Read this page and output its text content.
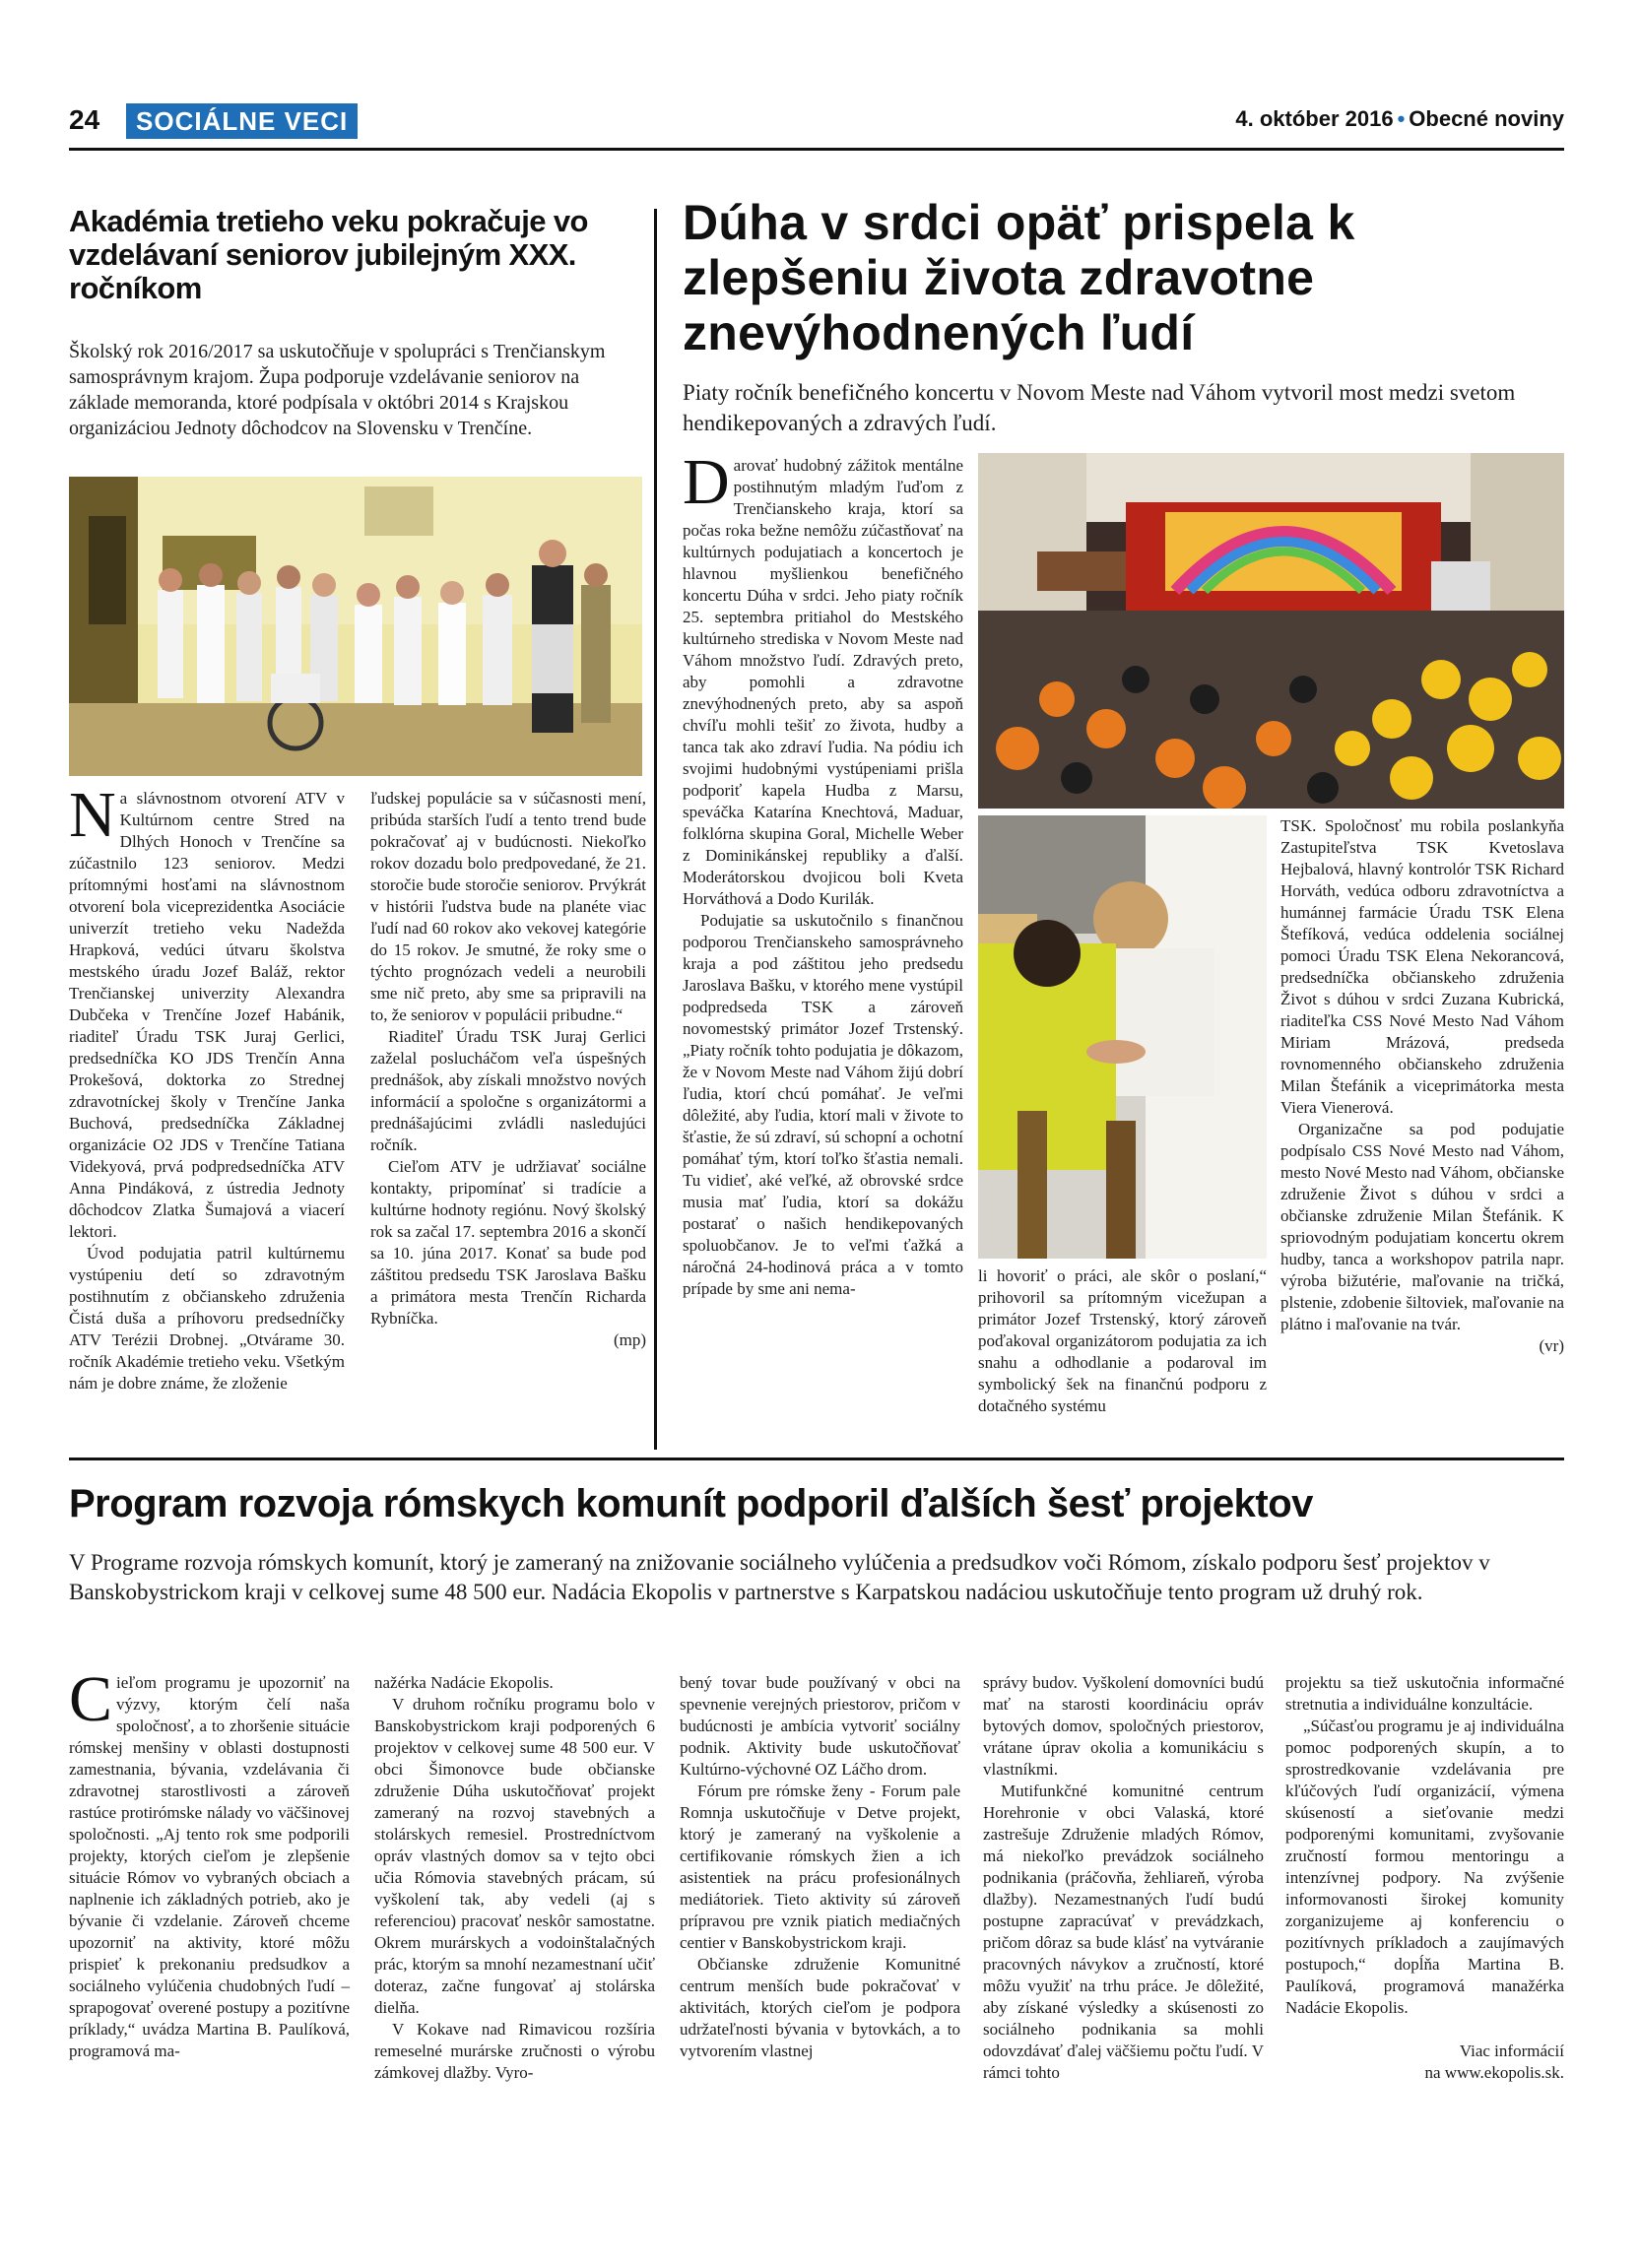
24	SOCIÁLNE VECI	4. október 2016 • Obecné noviny
Akadémia tretieho veku pokračuje vo vzdelávaní seniorov jubilejným XXX. ročníkom
Školský rok 2016/2017 sa uskutočňuje v spolupráci s Trenčianskym samosprávnym krajom. Župa podporuje vzdelávanie seniorov na základe memoranda, ktoré podpísala v októbri 2014 s Krajskou organizáciou Jednoty dôchodcov na Slovensku v Trenčíne.

Na slávnostnom otvorení ATV v Kultúrnom centre Stred na Dlhých Honoch v Trenčíne sa zúčastnilo 123 seniorov. Medzi prítomnými hosťami na slávnostnom otvorení bola viceprezidentka Asociácie univerzít tretieho veku Nadežda Hrapková, vedúci útvaru školstva mestského úradu Jozef Baláž, rektor Trenčianskej univerzity Alexandra Dubčeka v Trenčíne Jozef Habánik, riaditeľ Úradu TSK Juraj Gerlici, predsedníčka KO JDS Trenčín Anna Prokešová, doktorka zo Strednej zdravotníckej školy v Trenčíne Janka Buchová, predsedníčka Základnej organizácie O2 JDS v Trenčíne Tatiana Videkyová, prvá podpredsedníčka ATV Anna Pindáková, z ústredia Jednoty dôchodcov Zlatka Šumajová a viacerí lektori.

Úvod podujatia patril kultúrnemu vystúpeniu detí so zdravotným postihnutím z občianskeho združenia Čistá duša a príhovoru predsedníčky ATV Terézii Drobnej. „Otvárame 30. ročník Akadémie tretieho veku. Všetkým nám je dobre známe, že zloženie

ľudskej populácie sa v súčasnosti mení, pribúda starších ľudí a tento trend bude pokračovať aj v budúcnosti. Niekoľko rokov dozadu bolo predpovedané, že 21. storočie bude storočie seniorov. Prvýkrát v histórii ľudstva bude na planéte viac ľudí nad 60 rokov ako vekovej kategórie do 15 rokov. Je smutné, že roky sme o týchto prognózach vedeli a neurobili sme nič preto, aby sme sa pripravili na to, že seniorov v populácii pribudne.“

Riaditeľ Úradu TSK Juraj Gerlici zaželal poslucháčom veľa úspešných prednášok, aby získali množstvo nových informácií a spoločne s organizátormi a prednášajúcimi zvládli nasledujúci ročník.

Cieľom ATV je udržiavať sociálne kontakty, pripomínať si tradície a kultúrne hodnoty regiónu. Nový školský rok sa začal 17. septembra 2016 a skončí sa 10. júna 2017. Konať sa bude pod záštitou predsedu TSK Jaroslava Bašku a primátora mesta Trenčín Richarda Rybníčka.

(mp)
Dúha v srdci opäť prispela k zlepšeniu života zdravotne znevýhodnených ľudí
Piaty ročník benefičného koncertu v Novom Meste nad Váhom vytvoril most medzi svetom hendikepovaných a zdravých ľudí.

Darovať hudobný zážitok mentálne postihnutým mladým ľuďom z Trenčianskeho kraja, ktorí sa počas roka bežne nemôžu zúčastňovať na kultúrnych podujatiach a koncertoch je hlavnou myšlienkou benefičného koncertu Dúha v srdci. Jeho piaty ročník 25. septembra pritiahol do Mestského kultúrneho strediska v Novom Meste nad Váhom množstvo ľudí. Zdravých preto, aby pomohli a zdravotne znevýhodnených preto, aby sa aspoň chvíľu mohli tešiť zo života, hudby a tanca tak ako zdraví ľudia. Na pódiu ich svojimi hudobnými vystúpeniami prišla podporiť kapela Hudba z Marsu, speváčka Katarína Knechtová, Maduar, folklórna skupina Goral, Michelle Weber z Dominikánskej republiky a ďalší. Moderátorskou dvojicou boli Kveta Horváthová a Dodo Kurilák.

Podujatie sa uskutočnilo s finančnou podporou Trenčianskeho samosprávneho kraja a pod záštitou jeho predsedu Jaroslava Bašku, v ktorého mene vystúpil podpredseda TSK a zároveň novomestský primátor Jozef Trstenský. „Piaty ročník tohto podujatia je dôkazom, že v Novom Meste nad Váhom žijú dobrí ľudia, ktorí chcú pomáhať. Je veľmi dôležité, aby ľudia, ktorí mali v živote to šťastie, že sú zdraví, sú schopní a ochotní pomáhať tým, ktorí toľko šťastia nemali. Tu vidieť, aké veľké, až obrovské srdce musia mať ľudia, ktorí sa dokážu postarať o našich hendikepovaných spoluobčanov. Je to veľmi ťažká a náročná 24-hodinová práca a v tomto prípade by sme ani nema-

li hovoriť o práci, ale skôr o poslaní,“ prihovoril sa prítomným vicežupan a primátor Jozef Trstenský, ktorý zároveň poďakoval organizátorom podujatia za ich snahu a odhodlanie a podaroval im symbolický šek na finančnú podporu z dotačného systému

TSK. Spoločnosť mu robila poslankyňa Zastupiteľstva TSK Kvetoslava Hejbalová, hlavný kontrolór TSK Richard Horváth, vedúca odboru zdravotníctva a humánnej farmácie Úradu TSK Elena Štefíková, vedúca oddelenia sociálnej pomoci Úradu TSK Elena Nekorancová, predsedníčka občianskeho združenia Život s dúhou v srdci Zuzana Kubrická, riaditeľka CSS Nové Mesto Nad Váhom Miriam Mrázová, predseda rovnomenného občianskeho združenia Milan Štefánik a viceprimátorka mesta Viera Vienerová.

Organizačne sa pod podujatie podpísalo CSS Nové Mesto nad Váhom, mesto Nové Mesto nad Váhom, občianske združenie Život s dúhou v srdci a občianske združenie Milan Štefánik. K spriovodným podujatiam koncertu okrem hudby, tanca a workshopov patrila napr. výroba bižutérie, maľovanie na tričká, plstenie, zdobenie šiltoviek, maľovanie na plátno i maľovanie na tvár.

(vr)
Program rozvoja rómskych komunít podporil ďalších šesť projektov
V Programe rozvoja rómskych komunít, ktorý je zameraný na znižovanie sociálneho vylúčenia a predsudkov voči Rómom, získalo podporu šesť projektov v Banskobystrickom kraji v celkovej sume 48 500 eur. Nadácia Ekopolis v partnerstve s Karpatskou nadáciou uskutočňuje tento program už druhý rok.

Cieľom programu je upozorniť na výzvy, ktorým čelí naša spoločnosť, a to zhoršenie situácie rómskej menšiny v oblasti dostupnosti zamestnania, bývania, vzdelávania či zdravotnej starostlivosti a zároveň rastúce protirómske nálady vo väčšinovej spoločnosti. „Aj tento rok sme podporili projekty, ktorých cieľom je zlepšenie situácie Rómov vo vybraných obciach a naplnenie ich základných potrieb, ako je bývanie či vzdelanie. Zároveň chceme upozorniť na aktivity, ktoré môžu prispieť k prekonaniu predsudkov a sociálneho vylúčenia chudobných ľudí – sprapogovať overené postupy a pozitívne príklady,“ uvádza Martina B. Paulíková, programová ma-

nažérka Nadácie Ekopolis.

V druhom ročníku programu bolo v Banskobystrickom kraji podporených 6 projektov v celkovej sume 48 500 eur. V obci Šimonovce bude občianske združenie Dúha uskutočňovať projekt zameraný na rozvoj stavebných a stolárskych remesiel. Prostredníctvom opráv vlastných domov sa v tejto obci učia Rómovia stavebných prácam, sú vyškolení tak, aby vedeli (aj s referenciou) pracovať neskôr samostatne. Okrem murárskych a vodoinštalačných prác, ktorým sa mnohí nezamestnaní učiť doteraz, začne fungovať aj stolárska dielňa.

V Kokave nad Rimavicou rozšíria remeselné murárske zručnosti o výrobu zámkovej dlažby. Vyro-

bený tovar bude používaný v obci na spevnenie verejných priestorov, pričom v budúcnosti je ambícia vytvoriť sociálny podnik. Aktivity bude uskutočňovať Kultúrno-výchovné OZ Láčho drom.

Fórum pre rómske ženy - Forum pale Romnja uskutočňuje v Detve projekt, ktorý je zameraný na vyškolenie a certifikovanie rómskych žien a ich asistentiek na prácu profesionálnych mediátoriek. Tieto aktivity sú zároveň prípravou pre vznik piatich mediačných centier v Banskobystrickom kraji.

Občianske združenie Komunitné centrum menších bude pokračovať v aktivitách, ktorých cieľom je podpora udržateľnosti bývania v bytovkách, a to vytvorením vlastnej

správy budov. Vyškolení domovníci budú mať na starosti koordináciu opráv bytových domov, spoločných priestorov, vrátane úprav okolia a komunikáciu s vlastníkmi.

Mutifunkčné komunitné centrum Horehronie v obci Valaská, ktoré zastrešuje Združenie mladých Rómov, má niekoľko prevádzok sociálneho podnikania (práčovňa, žehliareň, výroba dlažby). Nezamestnaných ľudí budú postupne zapracúvať v prevádzkach, pričom dôraz sa bude klásť na vytváranie pracovných návykov a zručností, ktoré môžu využiť na trhu práce. Je dôležité, aby získané výsledky a skúsenosti zo sociálneho podnikania sa mohli odovzdávať ďalej väčšiemu počtu ľudí. V rámci tohto

projektu sa tiež uskutočnia informačné stretnutia a individuálne konzultácie.

„Súčasťou programu je aj individuálna pomoc podporených skupín, a to sprostredkovanie vzdelávania pre kľúčových ľudí organizácií, výmena skúseností a sieťovanie medzi podporenými komunitami, zvyšovanie zručností formou mentoringu a intenzívnej podpory. Na zvýšenie informovanosti širokej komunity zorganizujeme aj konferenciu o pozitívnych príkladoch a zaujímavých postupoch,“ dopĺňa Martina B. Paulíková, programová manažérka Nadácie Ekopolis.

Viac informácií
na www.ekopolis.sk.
